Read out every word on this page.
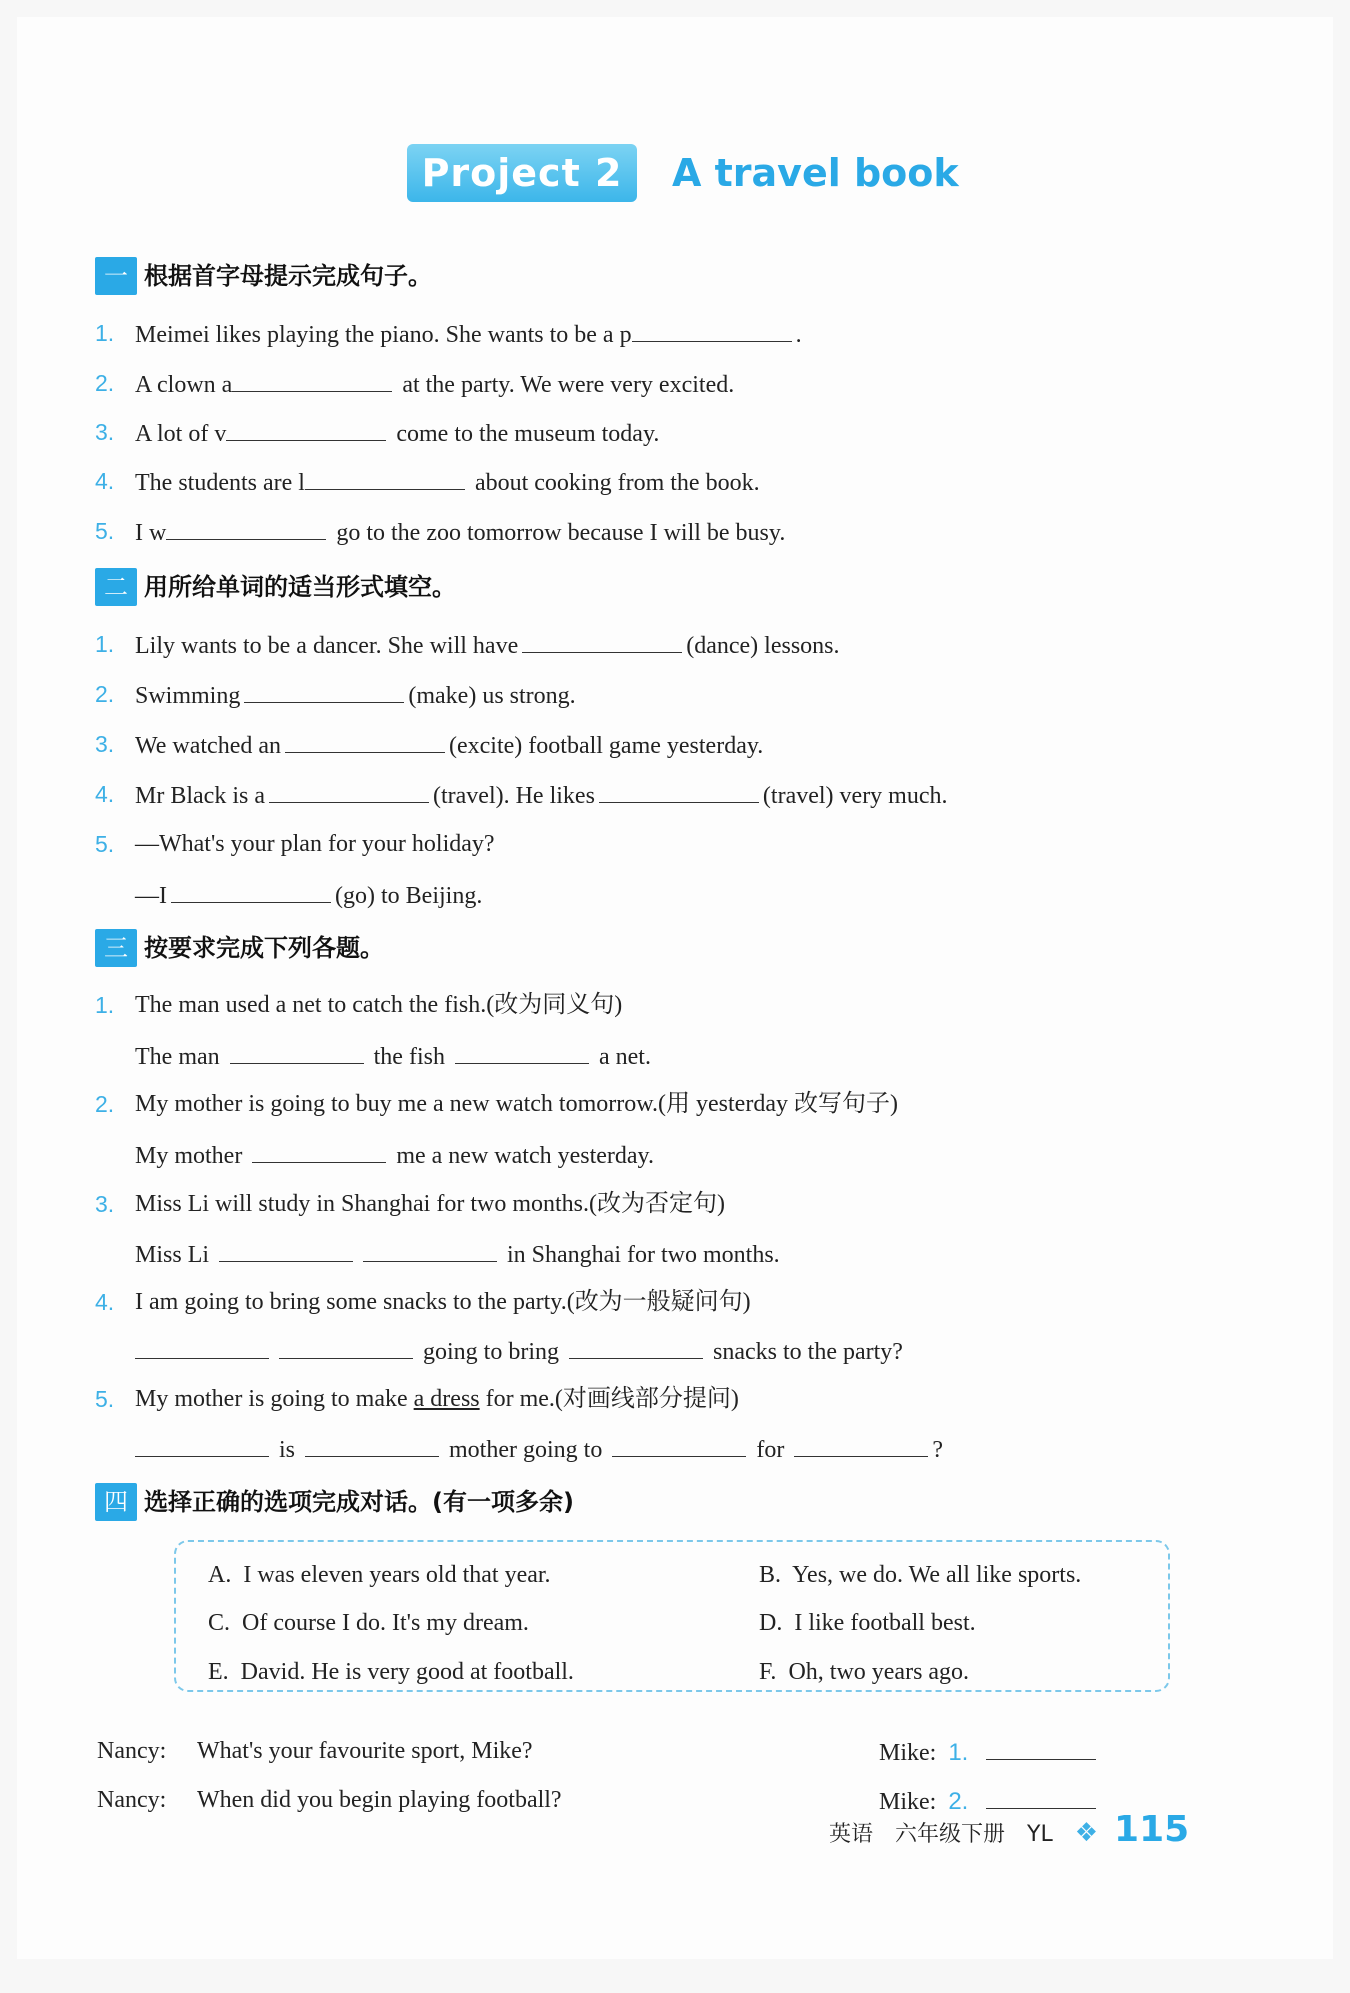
Project 2	A travel book
一 根据首字母提示完成句子。
1. Meimei likes playing the piano. She wants to be a p	.
2. A clown a	at the party. We were very excited.
3. A lot of v	come to the museum today.
4. The students are l	about cooking from the book.
5. I w	go to the zoo tomorrow because I will be busy.
二 用所给单词的适当形式填空。
1. Lily wants to be a dancer. She will have	(dance) lessons.
2. Swimming	(make) us strong.
3. We watched an	(excite) football game yesterday.
4. Mr Black is a	(travel). He likes	(travel) very much.
5. —What's your plan for your holiday?
—I	(go) to Beijing.
三 按要求完成下列各题。
1. The man used a net to catch the fish.(改为同义句)
The man	the fish	a net.
2. My mother is going to buy me a new watch tomorrow.(用 yesterday 改写句子)
My mother	me a new watch yesterday.
3. Miss Li will study in Shanghai for two months.(改为否定句)
Miss Li	in Shanghai for two months.
4. I am going to bring some snacks to the party.(改为一般疑问句)
going to bring	snacks to the party?
5. My mother is going to make a dress for me.(对画线部分提问)
is	mother going to	for	?
四 选择正确的选项完成对话。(有一项多余)
A. I was eleven years old that year.	B. Yes, we do. We all like sports.
C. Of course I do. It's my dream.	D. I like football best.
E. David. He is very good at football.	F. Oh, two years ago.
Nancy: What's your favourite sport, Mike?	Mike: 1.
Nancy: When did you begin playing football?	Mike: 2.
英语 六年级下册 YL ❖ 115
